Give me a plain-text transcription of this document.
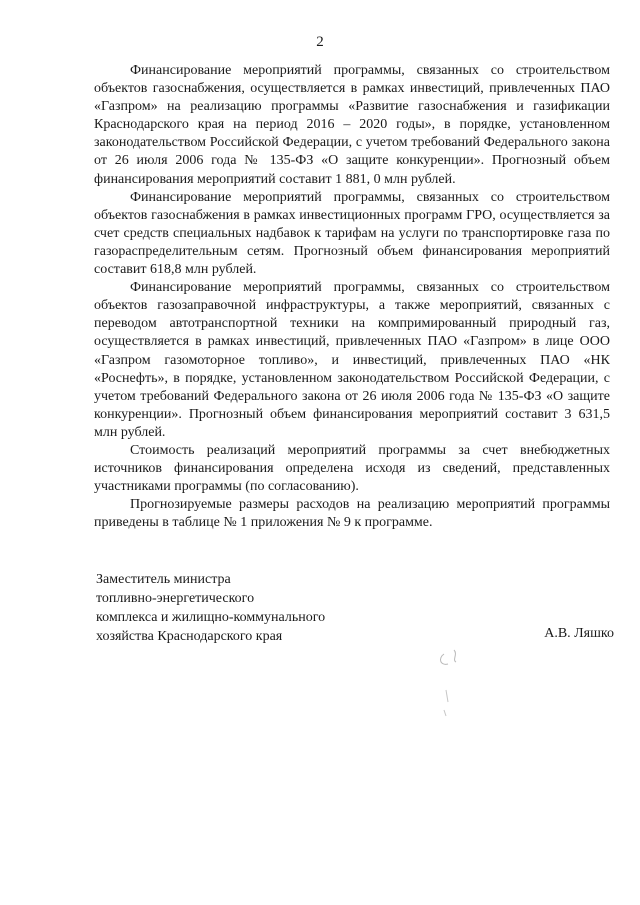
2

Финансирование мероприятий программы, связанных со строительством объектов газоснабжения, осуществляется в рамках инвестиций, привлеченных ПАО «Газпром» на реализацию программы «Развитие газоснабжения и газификации Краснодарского края на период 2016 – 2020 годы», в порядке, установленном законодательством Российской Федерации, с учетом требований Федерального закона от 26 июля 2006 года № 135-ФЗ «О защите конкуренции». Прогнозный объем финансирования мероприятий составит 1 881, 0 млн рублей.

Финансирование мероприятий программы, связанных со строительством объектов газоснабжения в рамках инвестиционных программ ГРО, осуществляется за счет средств специальных надбавок к тарифам на услуги по транспортировке газа по газораспределительным сетям. Прогнозный объем финансирования мероприятий составит 618,8 млн рублей.

Финансирование мероприятий программы, связанных со строительством объектов газозаправочной инфраструктуры, а также мероприятий, связанных с переводом автотранспортной техники на компримированный природный газ, осуществляется в рамках инвестиций, привлеченных ПАО «Газпром» в лице ООО «Газпром газомоторное топливо», и инвестиций, привлеченных ПАО «НК «Роснефть», в порядке, установленном законодательством Российской Федерации, с учетом требований Федерального закона от 26 июля 2006 года № 135-ФЗ «О защите конкуренции». Прогнозный объем финансирования мероприятий составит 3 631,5 млн рублей.

Стоимость реализаций мероприятий программы за счет внебюджетных источников финансирования определена исходя из сведений, представленных участниками программы (по согласованию).

Прогнозируемые размеры расходов на реализацию мероприятий программы приведены в таблице № 1 приложения № 9 к программе.

Заместитель министра

топливно-энергетического

комплекса и жилищно-коммунального

хозяйства Краснодарского края	А.В. Ляшко
